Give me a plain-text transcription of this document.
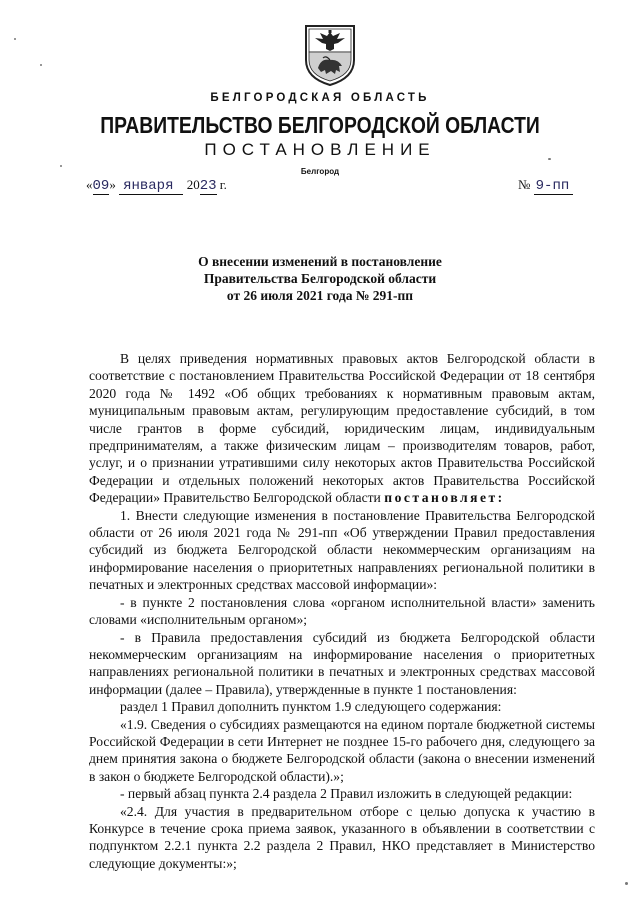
БЕЛГОРОДСКАЯ ОБЛАСТЬ
ПРАВИТЕЛЬСТВО БЕЛГОРОДСКОЙ ОБЛАСТИ
ПОСТАНОВЛЕНИЕ
Белгород
«09» января 2023 г.	№ 9-пп
О внесении изменений в постановление
Правительства Белгородской области
от 26 июля 2021 года № 291-пп

В целях приведения нормативных правовых актов Белгородской области в соответствие с постановлением Правительства Российской Федерации от 18 сентября 2020 года № 1492 «Об общих требованиях к нормативным правовым актам, муниципальным правовым актам, регулирующим предоставление субсидий, в том числе грантов в форме субсидий, юридическим лицам, индивидуальным предпринимателям, а также физическим лицам – производителям товаров, работ, услуг, и о признании утратившими силу некоторых актов Правительства Российской Федерации и отдельных положений некоторых актов Правительства Российской Федерации» Правительство Белгородской области постановляет:

1. Внести следующие изменения в постановление Правительства Белгородской области от 26 июля 2021 года № 291-пп «Об утверждении Правил предоставления субсидий из бюджета Белгородской области некоммерческим организациям на информирование населения о приоритетных направлениях региональной политики в печатных и электронных средствах массовой информации»:

- в пункте 2 постановления слова «органом исполнительной власти» заменить словами «исполнительным органом»;

- в Правила предоставления субсидий из бюджета Белгородской области некоммерческим организациям на информирование населения о приоритетных направлениях региональной политики в печатных и электронных средствах массовой информации (далее – Правила), утвержденные в пункте 1 постановления:

раздел 1 Правил дополнить пунктом 1.9 следующего содержания:

«1.9. Сведения о субсидиях размещаются на едином портале бюджетной системы Российской Федерации в сети Интернет не позднее 15-го рабочего дня, следующего за днем принятия закона о бюджете Белгородской области (закона о внесении изменений в закон о бюджете Белгородской области).»;

- первый абзац пункта 2.4 раздела 2 Правил изложить в следующей редакции:

«2.4. Для участия в предварительном отборе с целью допуска к участию в Конкурсе в течение срока приема заявок, указанного в объявлении в соответствии с подпунктом 2.2.1 пункта 2.2 раздела 2 Правил, НКО представляет в Министерство следующие документы:»;
